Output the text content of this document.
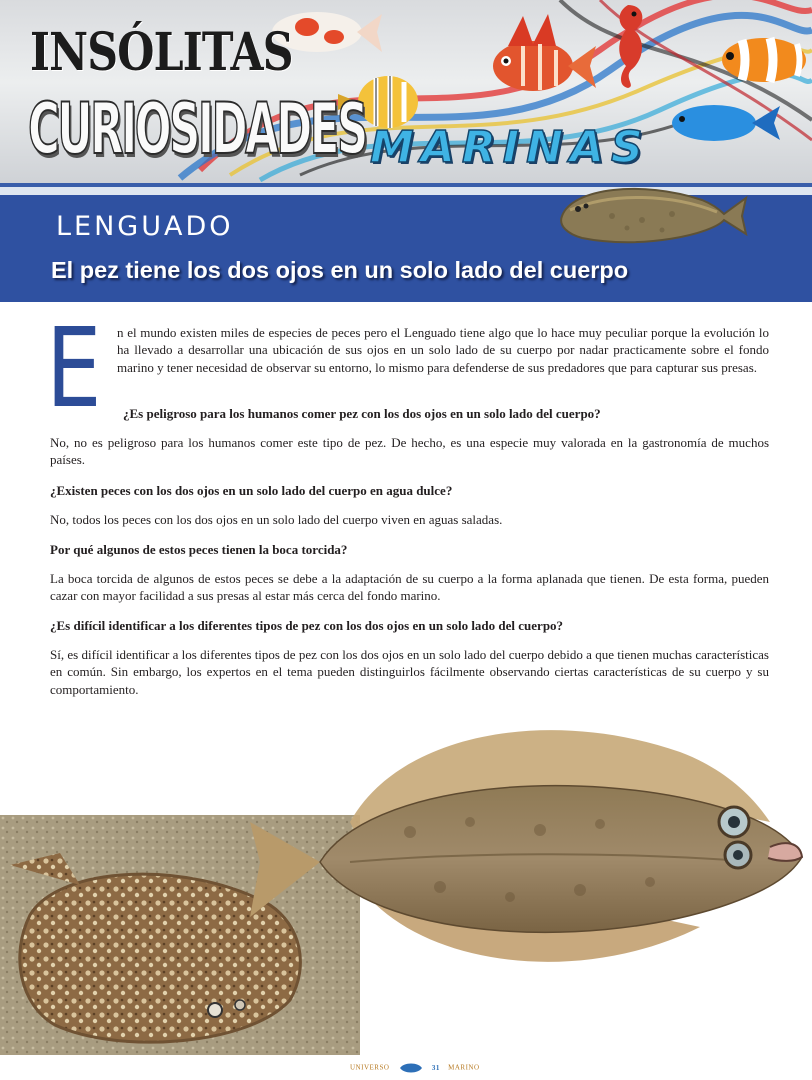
INSÓLITAS
CURIOSIDADES MARINAS
LENGUADO
El pez tiene los dos ojos en un solo lado del cuerpo
E n el mundo existen miles de especies de peces pero el Lenguado tiene algo que lo hace muy peculiar porque la evolución lo ha llevado a desarrollar una ubicación de sus ojos en un solo lado de su cuerpo por nadar practicamente sobre el fondo marino y tener necesidad de observar su entorno, lo mismo para defenderse de sus predadores que para capturar sus presas.
¿Es peligroso para los humanos comer pez con los dos ojos en un solo lado del cuerpo?
No, no es peligroso para los humanos comer este tipo de pez. De hecho, es una especie muy valorada en la gastronomía de muchos países.
¿Existen peces con los dos ojos en un solo lado del cuerpo en agua dulce?
No, todos los peces con los dos ojos en un solo lado del cuerpo viven en aguas saladas.
Por qué algunos de estos peces tienen la boca torcida?
La boca torcida de algunos de estos peces se debe a la adaptación de su cuerpo a la forma aplanada que tienen. De esta forma, pueden cazar con mayor facilidad a sus presas al estar más cerca del fondo marino.
¿Es difícil identificar a los diferentes tipos de pez con los dos ojos en un solo lado del cuerpo?
Sí, es difícil identificar a los diferentes tipos de pez con los dos ojos en un solo lado del cuerpo debido a que tienen muchas características en común. Sin embargo, los expertos en el tema pueden distinguirlos fácilmente observando ciertas características de su cuerpo y su comportamiento.
UNIVERSO	31 MARINO
